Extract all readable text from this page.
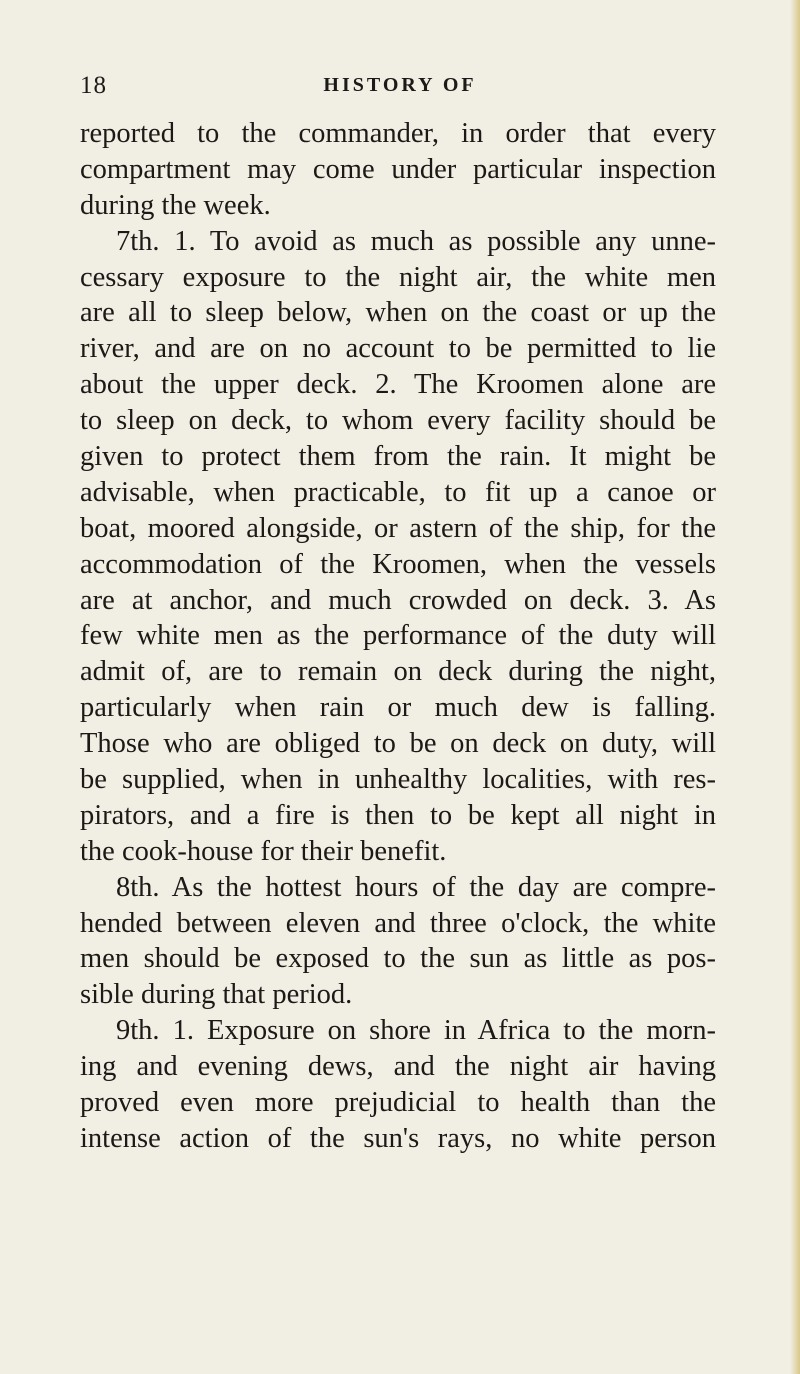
18	HISTORY OF
reported to the commander, in order that every
compartment may come under particular inspection
during the week.
7th. 1. To avoid as much as possible any unne-
cessary exposure to the night air, the white men
are all to sleep below, when on the coast or up the
river, and are on no account to be permitted to lie
about the upper deck. 2. The Kroomen alone are
to sleep on deck, to whom every facility should be
given to protect them from the rain. It might be
advisable, when practicable, to fit up a canoe or
boat, moored alongside, or astern of the ship, for the
accommodation of the Kroomen, when the vessels
are at anchor, and much crowded on deck. 3. As
few white men as the performance of the duty will
admit of, are to remain on deck during the night,
particularly when rain or much dew is falling.
Those who are obliged to be on deck on duty, will
be supplied, when in unhealthy localities, with res-
pirators, and a fire is then to be kept all night in
the cook-house for their benefit.
8th. As the hottest hours of the day are compre-
hended between eleven and three o'clock, the white
men should be exposed to the sun as little as pos-
sible during that period.
9th. 1. Exposure on shore in Africa to the morn-
ing and evening dews, and the night air having
proved even more prejudicial to health than the
intense action of the sun's rays, no white person
